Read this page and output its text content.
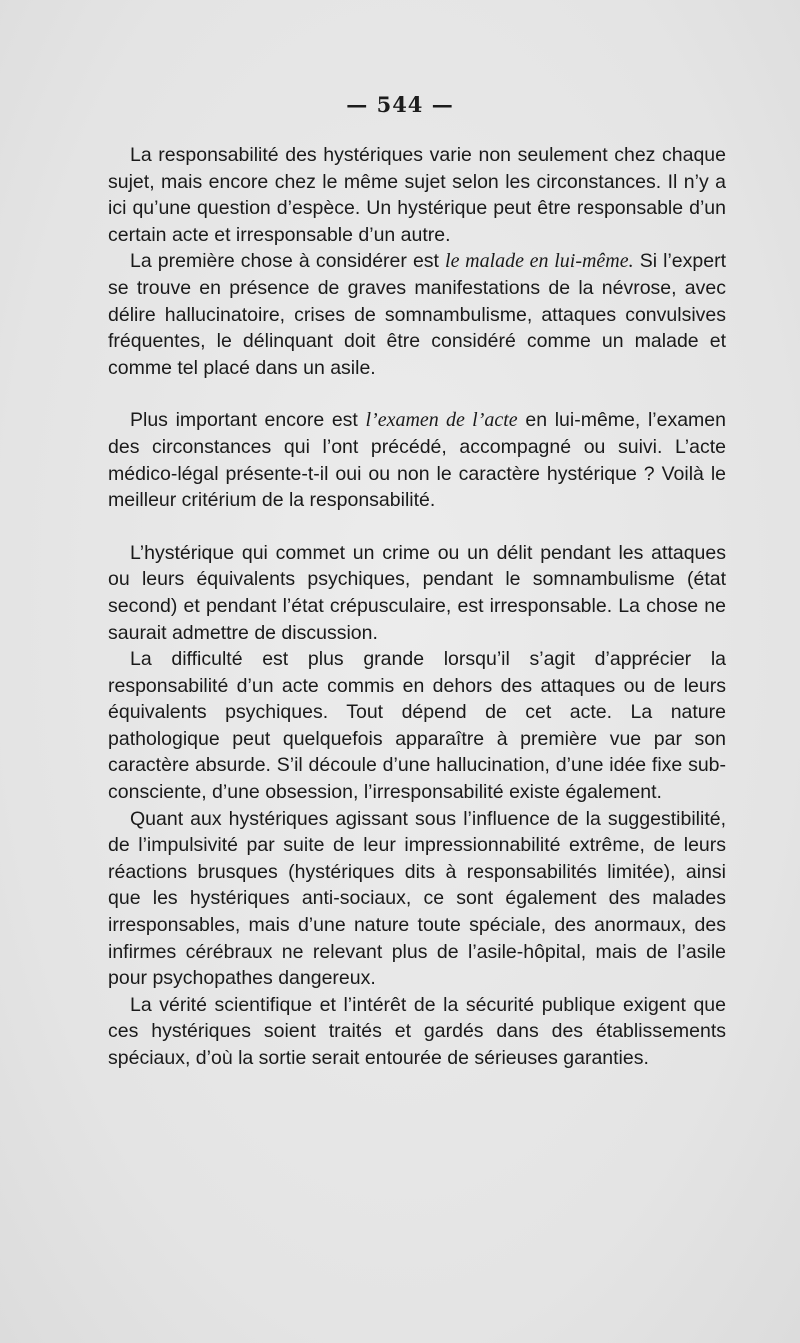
— 544 —

La responsabilité des hystériques varie non seulement chez chaque sujet, mais encore chez le même sujet selon les circonstances. Il n’y a ici qu’une question d’espèce. Un hystérique peut être responsable d’un certain acte et irresponsable d’un autre.

La première chose à considérer est le malade en lui-même. Si l’expert se trouve en présence de graves manifestations de la névrose, avec délire hallucinatoire, crises de somnambulisme, attaques convulsives fréquentes, le délinquant doit être considéré comme un malade et comme tel placé dans un asile.

Plus important encore est l’examen de l’acte en lui-même, l’examen des circonstances qui l’ont précédé, accompagné ou suivi. L’acte médico-légal présente-t-il oui ou non le caractère hystérique ? Voilà le meilleur critérium de la responsabilité.

L’hystérique qui commet un crime ou un délit pendant les attaques ou leurs équivalents psychiques, pendant le somnambulisme (état second) et pendant l’état crépusculaire, est irresponsable. La chose ne saurait admettre de discussion.

La difficulté est plus grande lorsqu’il s’agit d’apprécier la responsabilité d’un acte commis en dehors des attaques ou de leurs équivalents psychiques. Tout dépend de cet acte. La nature pathologique peut quelquefois apparaître à première vue par son caractère absurde. S’il découle d’une hallucination, d’une idée fixe sub-consciente, d’une obsession, l’irresponsabilité existe également.

Quant aux hystériques agissant sous l’influence de la suggestibilité, de l’impulsivité par suite de leur impressionnabilité extrême, de leurs réactions brusques (hystériques dits à responsabilités limitée), ainsi que les hystériques anti-sociaux, ce sont également des malades irresponsables, mais d’une nature toute spéciale, des anormaux, des infirmes cérébraux ne relevant plus de l’asile-hôpital, mais de l’asile pour psychopathes dangereux.

La vérité scientifique et l’intérêt de la sécurité publique exigent que ces hystériques soient traités et gardés dans des établissements spéciaux, d’où la sortie serait entourée de sérieuses garanties.
